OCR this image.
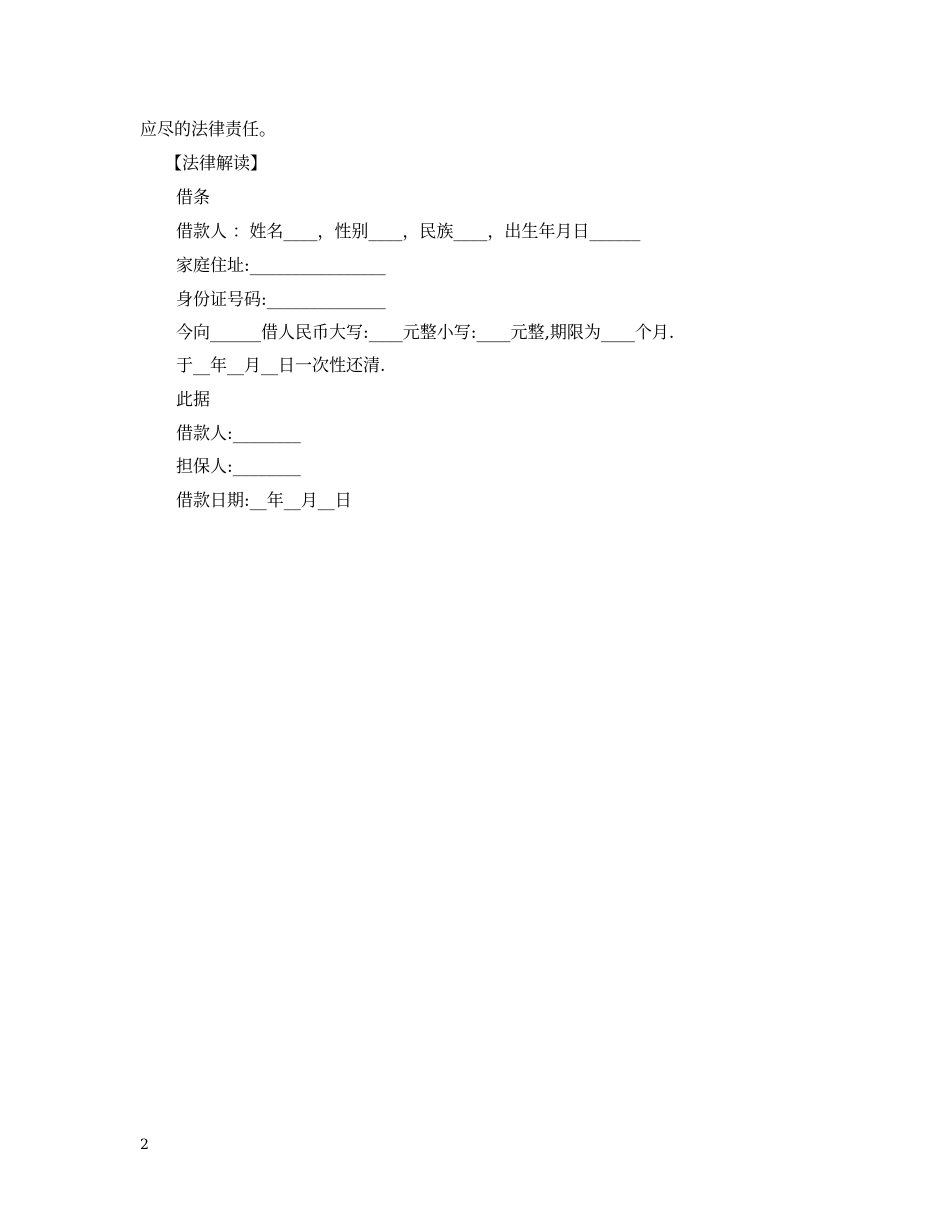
应尽的法律责任。
【法律解读】
借条
借款人 ：姓名____，性别____，民族____，出生年月日______
家庭住址:________________
身份证号码:______________
今向______借人民币大写:____元整小写:____元整,期限为____个月.
于__年__月__日一次性还清.
此据
借款人:________
担保人:________
借款日期:__年__月__日
2
